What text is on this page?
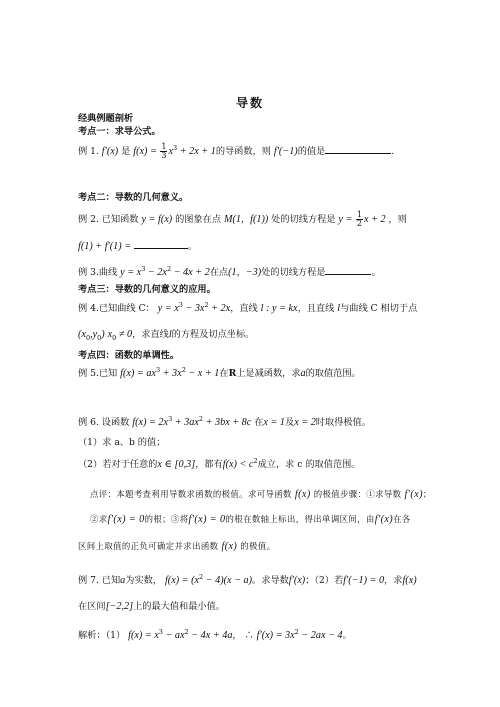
导数
经典例题剖析
考点一：求导公式。
例 1. f′(x) 是 $f(x) = \frac{1}{3} x^3 + 2x + 1$的导函数，则 f′(−1)的值是	.
考点二：导数的几何意义。
例 2. 已知函数 y = f(x) 的图象在点 M(1，f(1)) 处的切线方程是 $y = \frac{1}{2}$ x + 2 ，则
f(1) + f′(1) =	。
例 3.曲线 $y = x^3 - 2x^2 - 4x + 2$在点(1，−3)处的切线方程是	。
考点三：导数的几何意义的应用。
例 4.已知曲线 C： $y = x^3 - 3x^2 + 2x$，直线 l : y = kx，且直线 l与曲线 C 相切于点
$(x_0,y_0) x_0 \ne 0$，求直线l的方程及切点坐标。
考点四：函数的单调性。
例 5.已知 $f(x) = ax^3 + 3x^2 - x + 1$在R上是减函数，求a的取值范围。
例 6. 设函数 $f(x) = 2x^3 + 3ax^2 + 3bx + 8c$ 在x = 1及x = 2时取得极值。
（1）求 a、b 的值；
（2）若对于任意的x ∈ [0,3]，都有$f(x) < c^2$成立，求 c 的取值范围。
点评：本题考查利用导数求函数的极值。求可导函数 f(x) 的极值步骤：①求导数 f′(x)；
②求f′(x) = 0的根；③将f′(x) = 0的根在数轴上标出，得出单调区间，由f′(x)在各
区间上取值的正负可确定并求出函数 f(x) 的极值。
例 7. 已知a为实数， $f(x) = (x^2 - 4)(x - a)$。求导数f′(x)；（2）若f′(−1) = 0，求f(x)
在区间[−2,2]上的最大值和最小值。
解析：（1） $f(x) = x^3 - ax^2 - 4x + 4a$， ∴ $f'(x) = 3x^2 - 2ax - 4$。
